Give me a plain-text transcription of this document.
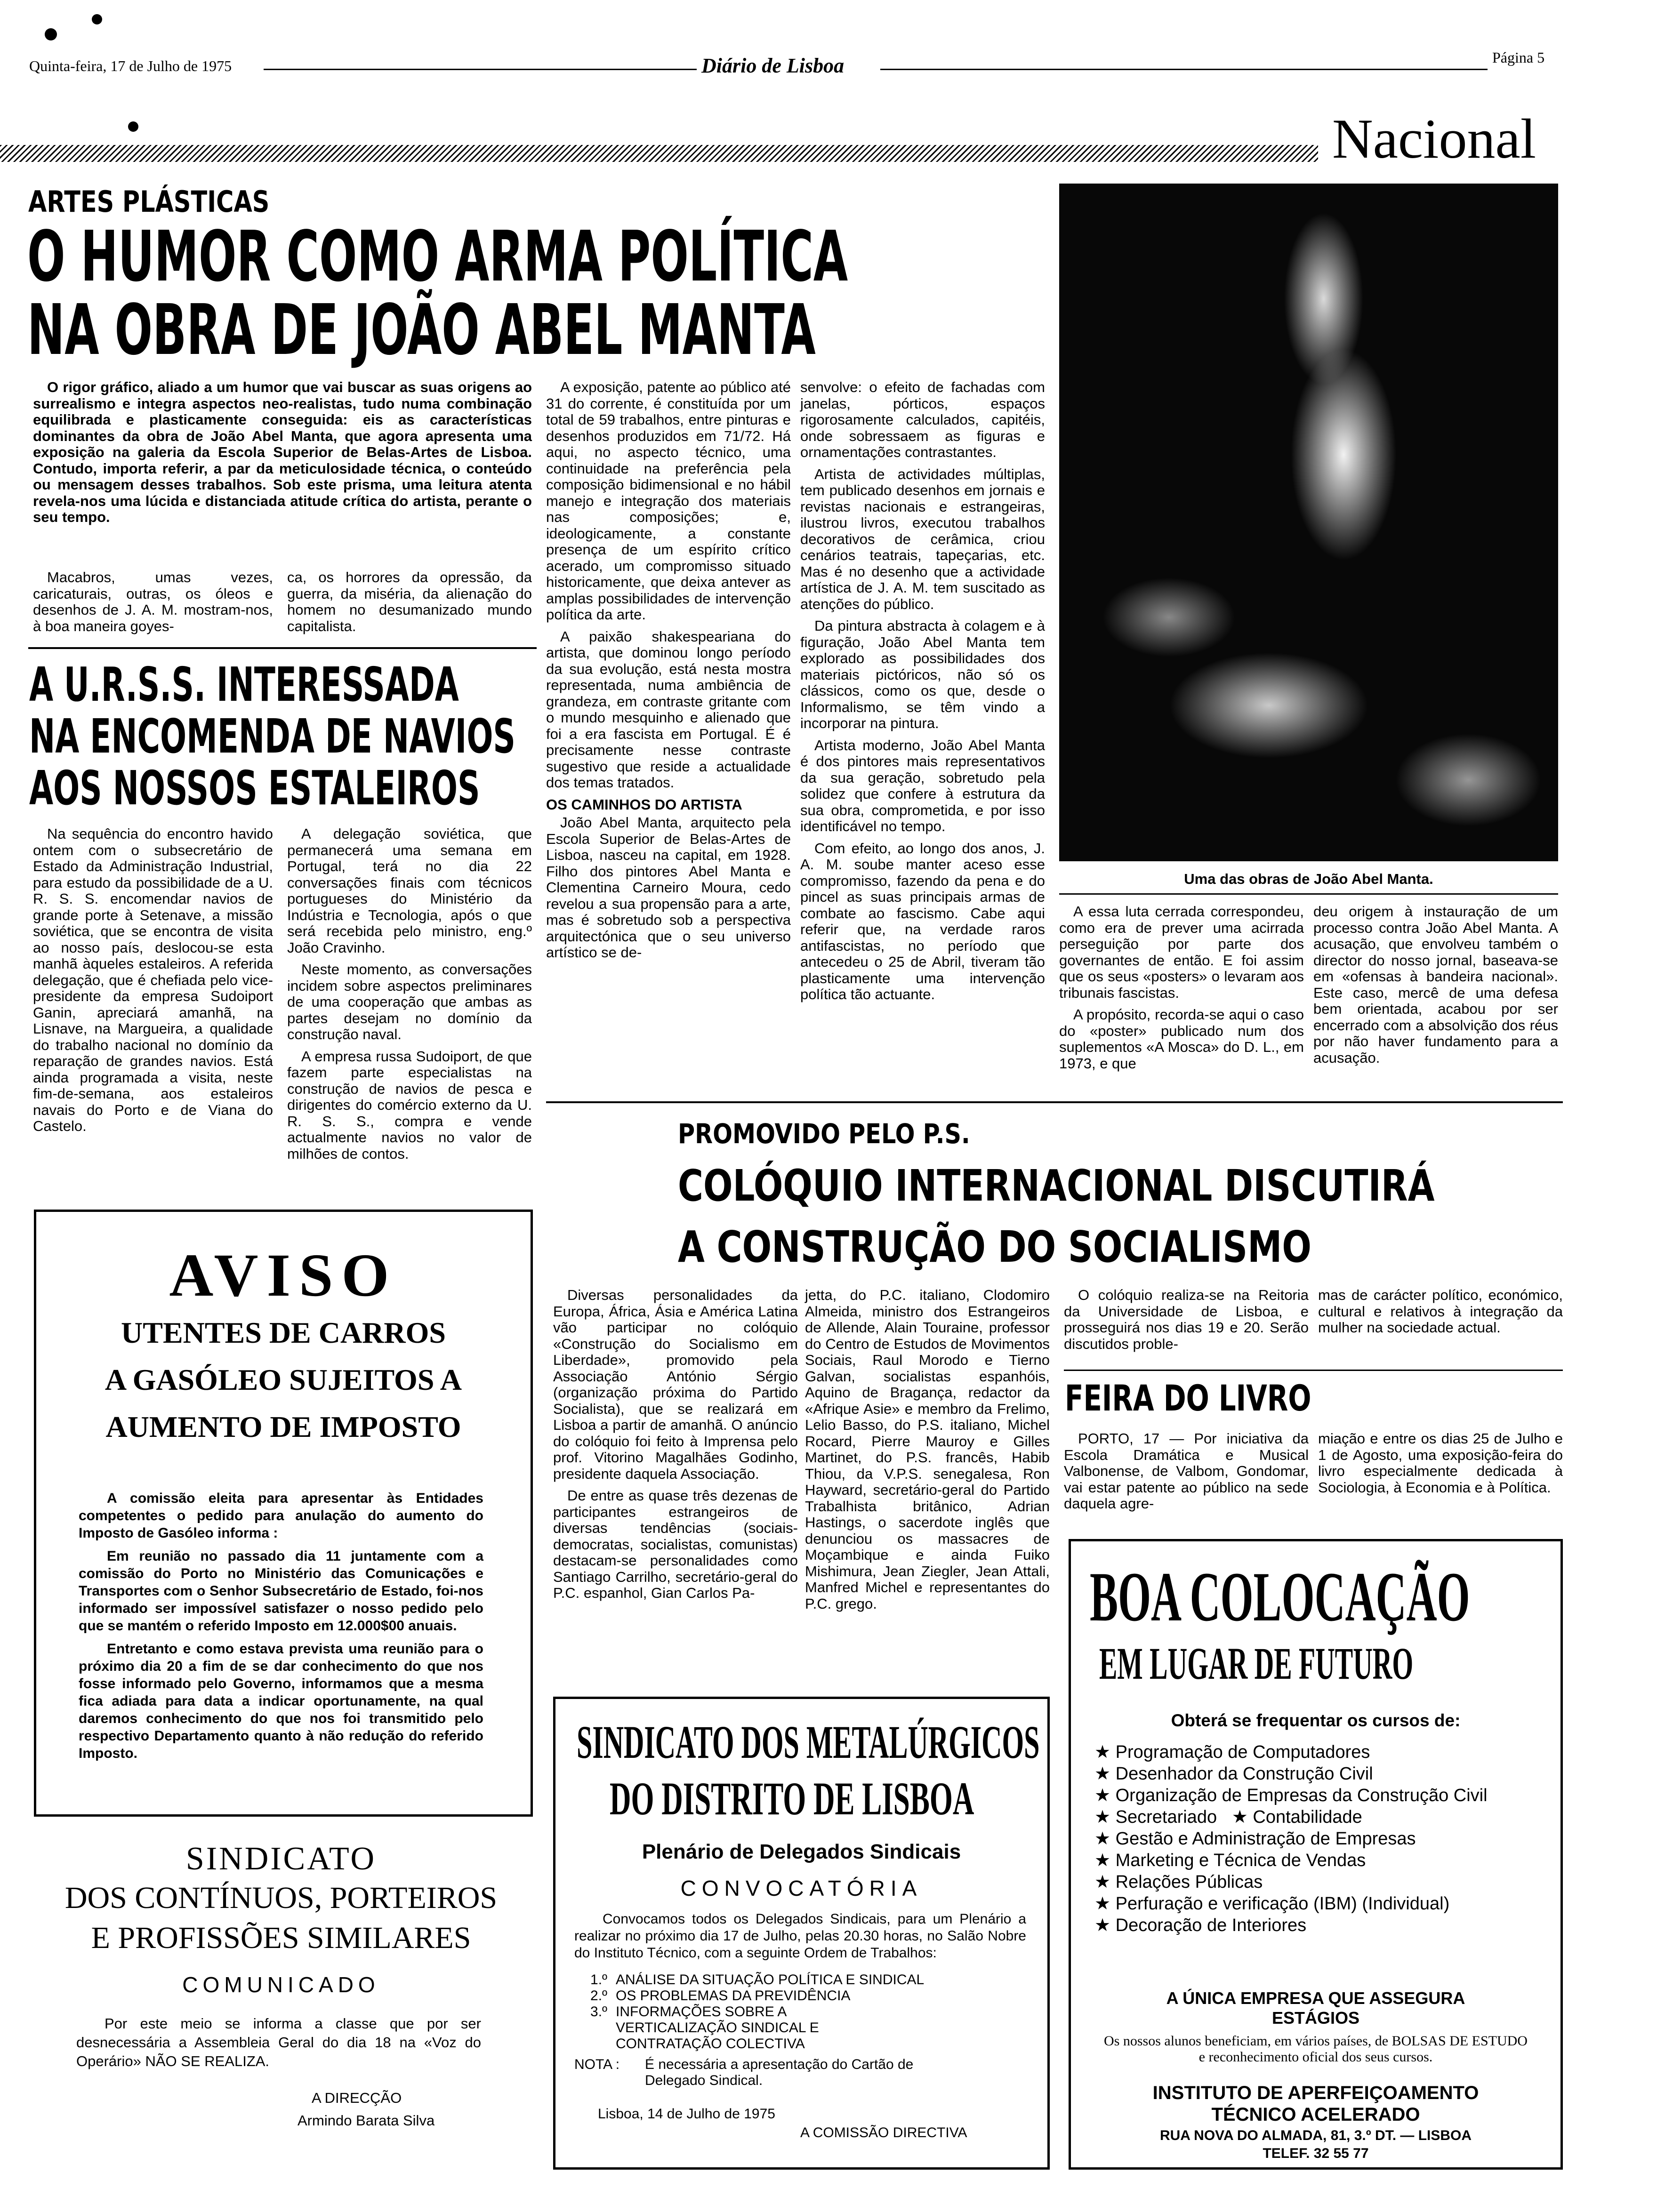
Quinta-feira, 17 de Julho de 1975	Diário de Lisboa	Página 5
Nacional
ARTES PLÁSTICAS
O HUMOR COMO ARMA POLÍTICA
NA OBRA DE JOÃO ABEL MANTA

O rigor gráfico, aliado a um humor que vai buscar as suas origens ao surrealismo e integra aspectos neo-realistas, tudo numa combinação equilibrada e plasticamente conseguida: eis as características dominantes da obra de João Abel Manta, que agora apresenta uma exposição na galeria da Escola Superior de Belas-Artes de Lisboa. Contudo, importa referir, a par da meticulosidade técnica, o conteúdo ou mensagem desses trabalhos. Sob este prisma, uma leitura atenta revela-nos uma lúcida e distanciada atitude crítica do artista, perante o seu tempo.

Macabros, umas vezes, caricaturais, outras, os óleos e desenhos de J. A. M. mostram-nos, à boa maneira goyes-

ca, os horrores da opressão, da guerra, da miséria, da alienação do homem no desumanizado mundo capitalista.

A exposição, patente ao público até 31 do corrente, é constituída por um total de 59 trabalhos, entre pinturas e desenhos produzidos em 71/72. Há aqui, no aspecto técnico, uma continuidade na preferência pela composição bidimensional e no hábil manejo e integração dos materiais nas composições; e, ideologicamente, a constante presença de um espírito crítico acerado, um compromisso situado historicamente, que deixa antever as amplas possibilidades de intervenção política da arte.

A paixão shakespeariana do artista, que dominou longo período da sua evolução, está nesta mostra representada, numa ambiência de grandeza, em contraste gritante com o mundo mesquinho e alienado que foi a era fascista em Portugal. É é precisamente nesse contraste sugestivo que reside a actualidade dos temas tratados.

OS CAMINHOS DO ARTISTA

João Abel Manta, arquitecto pela Escola Superior de Belas-Artes de Lisboa, nasceu na capital, em 1928. Filho dos pintores Abel Manta e Clementina Carneiro Moura, cedo revelou a sua propensão para a arte, mas é sobretudo sob a perspectiva arquitectónica que o seu universo artístico se de-

senvolve: o efeito de fachadas com janelas, pórticos, espaços rigorosamente calculados, capitéis, onde sobressaem as figuras e ornamentações contrastantes.

Artista de actividades múltiplas, tem publicado desenhos em jornais e revistas nacionais e estrangeiras, ilustrou livros, executou trabalhos decorativos de cerâmica, criou cenários teatrais, tapeçarias, etc. Mas é no desenho que a actividade artística de J. A. M. tem suscitado as atenções do público.

Da pintura abstracta à colagem e à figuração, João Abel Manta tem explorado as possibilidades dos materiais pictóricos, não só os clássicos, como os que, desde o Informalismo, se têm vindo a incorporar na pintura.

Artista moderno, João Abel Manta é dos pintores mais representativos da sua geração, sobretudo pela solidez que confere à estrutura da sua obra, comprometida, e por isso identificável no tempo.

Com efeito, ao longo dos anos, J. A. M. soube manter aceso esse compromisso, fazendo da pena e do pincel as suas principais armas de combate ao fascismo. Cabe aqui referir que, na verdade raros antifascistas, no período que antecedeu o 25 de Abril, tiveram tão plasticamente uma intervenção política tão actuante.

Uma das obras de João Abel Manta.

A essa luta cerrada correspondeu, como era de prever uma acirrada perseguição por parte dos governantes de então. E foi assim que os seus «posters» o levaram aos tribunais fascistas.

A propósito, recorda-se aqui o caso do «poster» publicado num dos suplementos «A Mosca» do D. L., em 1973, e que

deu origem à instauração de um processo contra João Abel Manta. A acusação, que envolveu também o director do nosso jornal, baseava-se em «ofensas à bandeira nacional». Este caso, mercê de uma defesa bem orientada, acabou por ser encerrado com a absolvição dos réus por não haver fundamento para a acusação.

A U.R.S.S. INTERESSADA
NA ENCOMENDA DE NAVIOS
AOS NOSSOS ESTALEIROS

Na sequência do encontro havido ontem com o subsecretário de Estado da Administração Industrial, para estudo da possibilidade de a U. R. S. S. encomendar navios de grande porte à Setenave, a missão soviética, que se encontra de visita ao nosso país, deslocou-se esta manhã àqueles estaleiros. A referida delegação, que é chefiada pelo vice-presidente da empresa Sudoiport Ganin, apreciará amanhã, na Lisnave, na Margueira, a qualidade do trabalho nacional no domínio da reparação de grandes navios. Está ainda programada a visita, neste fim-de-semana, aos estaleiros navais do Porto e de Viana do Castelo.

A delegação soviética, que permanecerá uma semana em Portugal, terá no dia 22 conversações finais com técnicos portugueses do Ministério da Indústria e Tecnologia, após o que será recebida pelo ministro, eng.º João Cravinho.

Neste momento, as conversações incidem sobre aspectos preliminares de uma cooperação que ambas as partes desejam no domínio da construção naval.

A empresa russa Sudoiport, de que fazem parte especialistas na construção de navios de pesca e dirigentes do comércio externo da U. R. S. S., compra e vende actualmente navios no valor de milhões de contos.

AVISO
UTENTES DE CARROS
A GASÓLEO SUJEITOS A
AUMENTO DE IMPOSTO

A comissão eleita para apresentar às Entidades competentes o pedido para anulação do aumento do Imposto de Gasóleo informa :

Em reunião no passado dia 11 juntamente com a comissão do Porto no Ministério das Comunicações e Transportes com o Senhor Subsecretário de Estado, foi-nos informado ser impossível satisfazer o nosso pedido pelo que se mantém o referido Imposto em 12.000$00 anuais.

Entretanto e como estava prevista uma reunião para o próximo dia 20 a fim de se dar conhecimento do que nos fosse informado pelo Governo, informamos que a mesma fica adiada para data a indicar oportunamente, na qual daremos conhecimento do que nos foi transmitido pelo respectivo Departamento quanto à não redução do referido Imposto.

SINDICATO
DOS CONTÍNUOS, PORTEIROS
E PROFISSÕES SIMILARES
COMUNICADO
Por este meio se informa a classe que por ser desnecessária a Assembleia Geral do dia 18 na «Voz do Operário» NÃO SE REALIZA.
A DIRECÇÃO
Armindo Barata Silva
PROMOVIDO PELO P.S.
COLÓQUIO INTERNACIONAL DISCUTIRÁ
A CONSTRUÇÃO DO SOCIALISMO

Diversas personalidades da Europa, África, Ásia e América Latina vão participar no colóquio «Construção do Socialismo em Liberdade», promovido pela Associação António Sérgio (organização próxima do Partido Socialista), que se realizará em Lisboa a partir de amanhã. O anúncio do colóquio foi feito à Imprensa pelo prof. Vitorino Magalhães Godinho, presidente daquela Associação.

De entre as quase três dezenas de participantes estrangeiros de diversas tendências (sociais-democratas, socialistas, comunistas) destacam-se personalidades como Santiago Carrilho, secretário-geral do P.C. espanhol, Gian Carlos Pa-

jetta, do P.C. italiano, Clodomiro Almeida, ministro dos Estrangeiros de Allende, Alain Touraine, professor do Centro de Estudos de Movimentos Sociais, Raul Morodo e Tierno Galvan, socialistas espanhóis, Aquino de Bragança, redactor da «Afrique Asie» e membro da Frelimo, Lelio Basso, do P.S. italiano, Michel Rocard, Pierre Mauroy e Gilles Martinet, do P.S. francês, Habib Thiou, da V.P.S. senegalesa, Ron Hayward, secretário-geral do Partido Trabalhista britânico, Adrian Hastings, o sacerdote inglês que denunciou os massacres de Moçambique e ainda Fuiko Mishimura, Jean Ziegler, Jean Attali, Manfred Michel e representantes do P.C. grego.

O colóquio realiza-se na Reitoria da Universidade de Lisboa, e prosseguirá nos dias 19 e 20. Serão discutidos proble-

mas de carácter político, económico, cultural e relativos à integração da mulher na sociedade actual.

FEIRA DO LIVRO

PORTO, 17 — Por iniciativa da Escola Dramática e Musical Valbonense, de Valbom, Gondomar, vai estar patente ao público na sede daquela agre-

miação e entre os dias 25 de Julho e 1 de Agosto, uma exposição-feira do livro especialmente dedicada à Sociologia, à Economia e à Política.

SINDICATO DOS METALÚRGICOS
DO DISTRITO DE LISBOA
Plenário de Delegados Sindicais
CONVOCATÓRIA
Convocamos todos os Delegados Sindicais, para um Plenário a realizar no próximo dia 17 de Julho, pelas 20.30 horas, no Salão Nobre do Instituto Técnico, com a seguinte Ordem de Trabalhos:
1.º ANÁLISE DA SITUAÇÃO POLÍTICA E SINDICAL
2.º OS PROBLEMAS DA PREVIDÊNCIA
3.º INFORMAÇÕES SOBRE A VERTICALIZAÇÃO SINDICAL E CONTRATAÇÃO COLECTIVA
NOTA :	É necessária a apresentação do Cartão de Delegado Sindical.
Lisboa, 14 de Julho de 1975
A COMISSÃO DIRECTIVA
BOA COLOCAÇÃO
EM LUGAR DE FUTURO
Obterá se frequentar os cursos de:
★ Programação de Computadores
★ Desenhador da Construção Civil
★ Organização de Empresas da Construção Civil
★ Secretariado ★ Contabilidade
★ Gestão e Administração de Empresas
★ Marketing e Técnica de Vendas
★ Relações Públicas
★ Perfuração e verificação (IBM) (Individual)
★ Decoração de Interiores
A ÚNICA EMPRESA QUE ASSEGURA ESTÁGIOS
Os nossos alunos beneficiam, em vários países, de BOLSAS DE ESTUDO e reconhecimento oficial dos seus cursos.
INSTITUTO DE APERFEIÇOAMENTO
TÉCNICO ACELERADO
RUA NOVA DO ALMADA, 81, 3.º DT. — LISBOA
TELEF. 32 55 77
